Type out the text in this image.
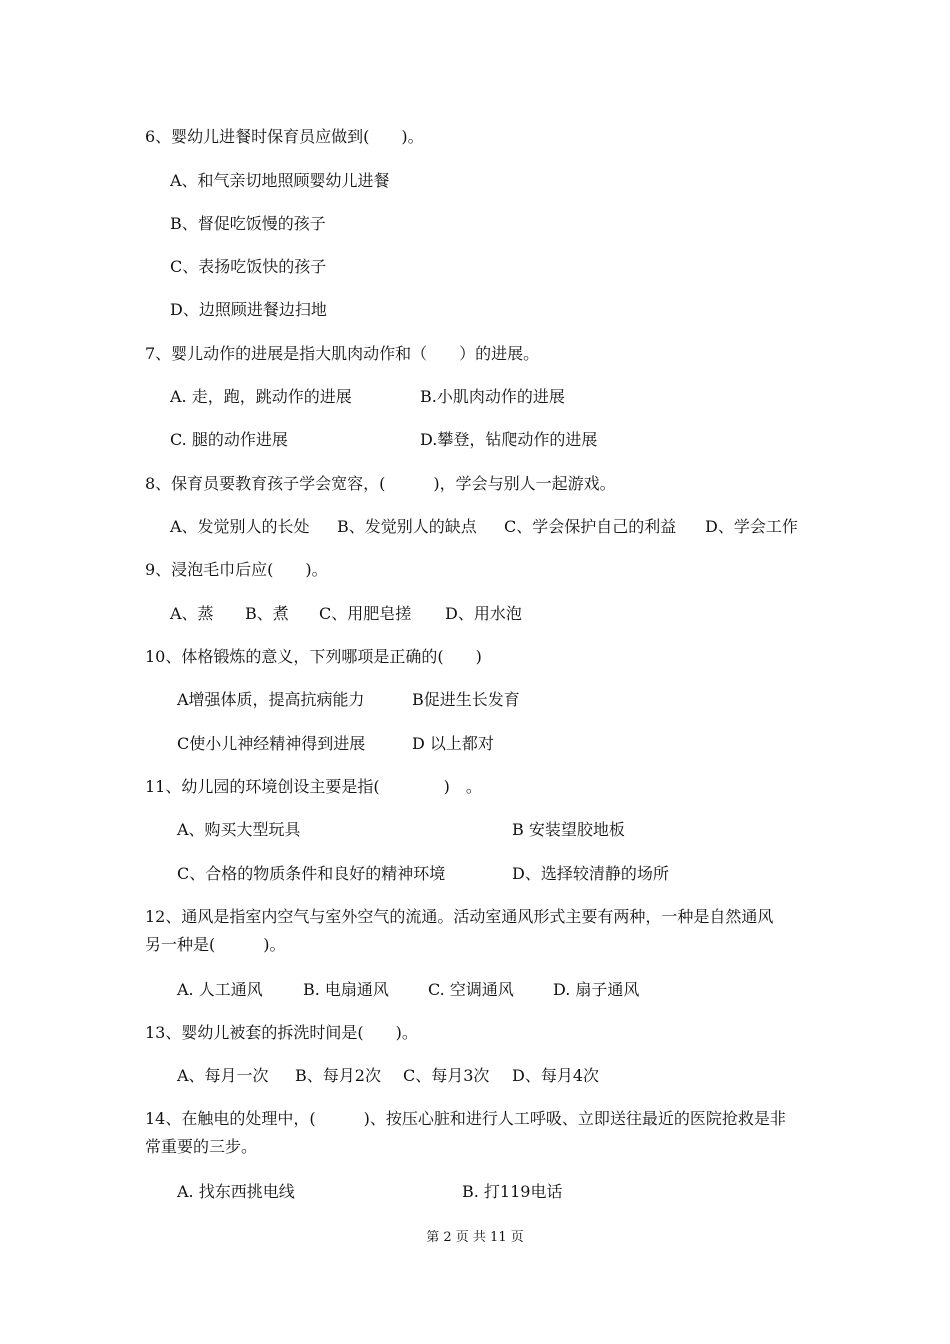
6、婴幼儿进餐时保育员应做到(　　)。
A、和气亲切地照顾婴幼儿进餐
B、督促吃饭慢的孩子
C、表扬吃饭快的孩子
D、边照顾进餐边扫地
7、婴儿动作的进展是指大肌肉动作和（　　）的进展。
A. 走，跑，跳动作的进展	B.小肌肉动作的进展
C. 腿的动作进展	D.攀登，钻爬动作的进展
8、保育员要教育孩子学会宽容，(　　　)，学会与别人一起游戏。
A、发觉别人的长处 B、发觉别人的缺点 C、学会保护自己的利益 D、学会工作
9、浸泡毛巾后应(　　)。
A、蒸 B、煮 C、用肥皂搓 D、用水泡
10、体格锻炼的意义，下列哪项是正确的(　　)
A增强体质，提高抗病能力	B促进生长发育
C使小儿神经精神得到进展	D 以上都对
11、幼儿园的环境创设主要是指(　　　　)　。
A、购买大型玩具	B 安装望胶地板
C、合格的物质条件和良好的精神环境	D、选择较清静的场所
12、通风是指室内空气与室外空气的流通。活动室通风形式主要有两种，一种是自然通风
另一种是(　　　)。
A. 人工通风	B. 电扇通风 C. 空调通风 D. 扇子通风
13、婴幼儿被套的拆洗时间是(　　)。
A、每月一次 B、每月2次 C、每月3次 D、每月4次
14、在触电的处理中，(　　　)、按压心脏和进行人工呼吸、立即送往最近的医院抢救是非
常重要的三步。
A. 找东西挑电线	B. 打119电话
第 2 页 共 11 页
